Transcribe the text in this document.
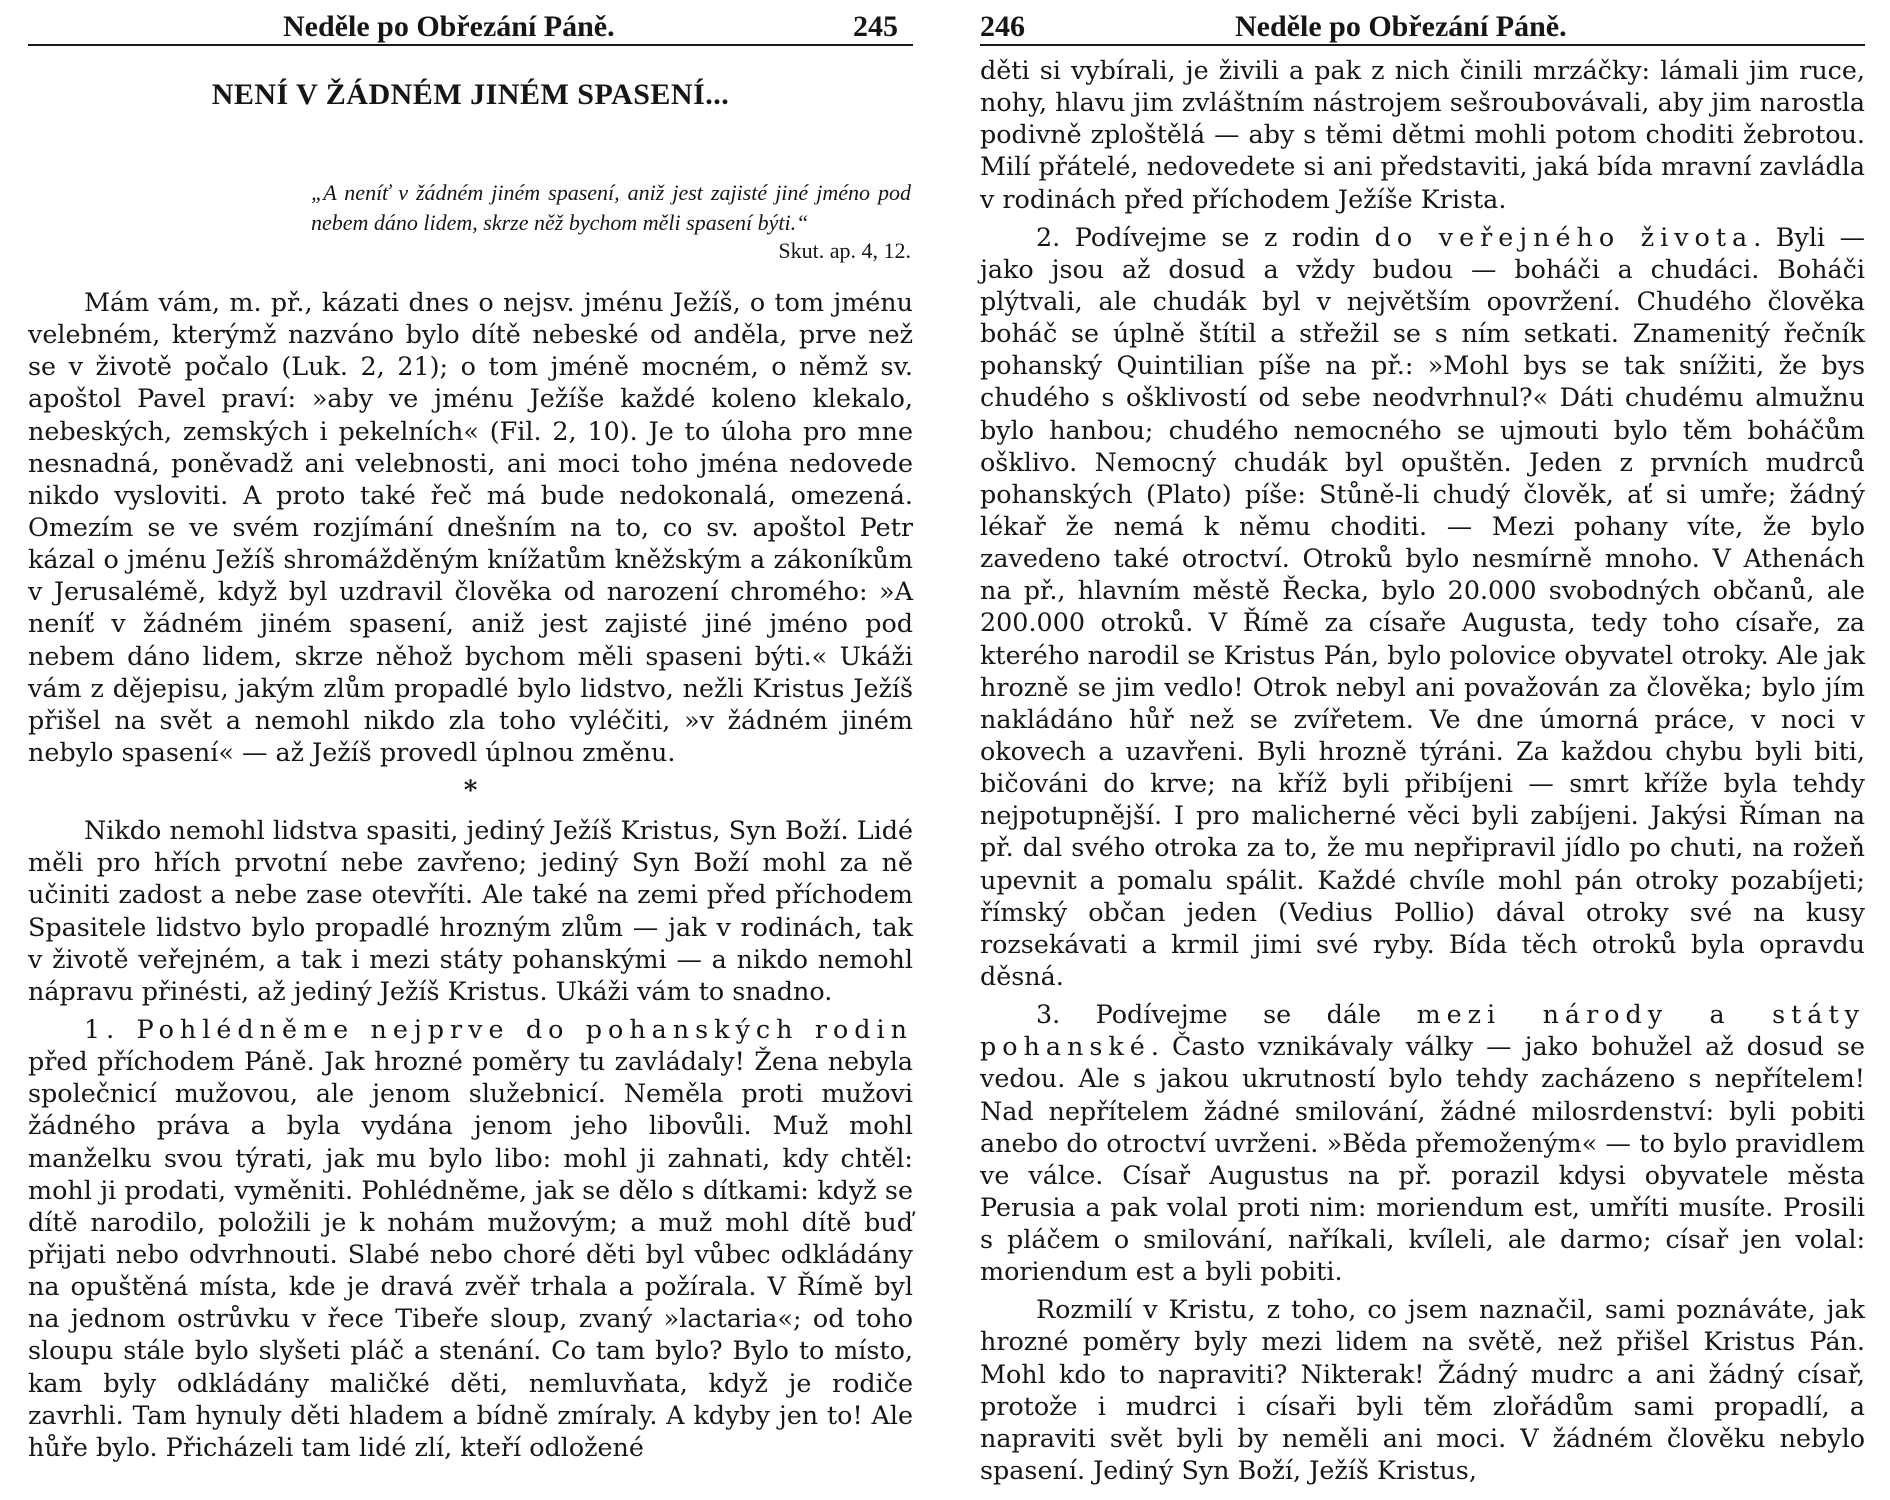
Neděle po Obřezání Páně.	245
NENÍ V ŽÁDNÉM JINÉM SPASENÍ...
„A neníť v žádném jiném spasení, aniž jest zajisté jiné jméno pod nebem dáno lidem, skrze něž bychom měli spasení býti.“
Skut. ap. 4, 12.

Mám vám, m. př., kázati dnes o nejsv. jménu Ježíš, o tom jménu velebném, kterýmž nazváno bylo dítě nebeské od anděla, prve než se v životě počalo (Luk. 2, 21); o tom jméně mocném, o němž sv. apoštol Pavel praví: »aby ve jménu Ježíše každé koleno klekalo, nebeských, zemských i pekelních« (Fil. 2, 10). Je to úloha pro mne nesnadná, poněvadž ani velebnosti, ani moci toho jména nedovede nikdo vysloviti. A proto také řeč má bude nedokonalá, omezená. Omezím se ve svém rozjímání dnešním na to, co sv. apoštol Petr kázal o jménu Ježíš shromážděným knížatům kněžským a zákoníkům v Jerusalémě, když byl uzdravil člověka od narození chromého: »A neníť v žádném jiném spasení, aniž jest zajisté jiné jméno pod nebem dáno lidem, skrze něhož bychom měli spaseni býti.« Ukáži vám z dějepisu, jakým zlům propadlé bylo lidstvo, nežli Kristus Ježíš přišel na svět a nemohl nikdo zla toho vyléčiti, »v žádném jiném nebylo spasení« — až Ježíš provedl úplnou změnu.

*

Nikdo nemohl lidstva spasiti, jediný Ježíš Kristus, Syn Boží. Lidé měli pro hřích prvotní nebe zavřeno; jediný Syn Boží mohl za ně učiniti zadost a nebe zase otevříti. Ale také na zemi před příchodem Spasitele lidstvo bylo propadlé hrozným zlům — jak v rodinách, tak v životě veřejném, a tak i mezi státy pohanskými — a nikdo nemohl nápravu přinésti, až jediný Ježíš Kristus. Ukáži vám to snadno.

1. Pohlédněme nejprve do pohanských rodin před příchodem Páně. Jak hrozné poměry tu zavládaly! Žena nebyla společnicí mužovou, ale jenom služebnicí. Neměla proti mužovi žádného práva a byla vydána jenom jeho libovůli. Muž mohl manželku svou týrati, jak mu bylo libo: mohl ji zahnati, kdy chtěl: mohl ji prodati, vyměniti. Pohlédněme, jak se dělo s dítkami: když se dítě narodilo, položili je k nohám mužovým; a muž mohl dítě buď přijati nebo odvrhnouti. Slabé nebo choré děti byl vůbec odkládány na opuštěná místa, kde je dravá zvěř trhala a požírala. V Římě byl na jednom ostrůvku v řece Tibeře sloup, zvaný »lactaria«; od toho sloupu stále bylo slyšeti pláč a stenání. Co tam bylo? Bylo to místo, kam byly odkládány maličké děti, nemluvňata, když je rodiče zavrhli. Tam hynuly děti hladem a bídně zmíraly. A kdyby jen to! Ale hůře bylo. Přicházeli tam lidé zlí, kteří odložené

246	Neděle po Obřezání Páně.

děti si vybírali, je živili a pak z nich činili mrzáčky: lámali jim ruce, nohy, hlavu jim zvláštním nástrojem sešroubovávali, aby jim narostla podivně zploštělá — aby s těmi dětmi mohli potom choditi žebrotou. Milí přátelé, nedovedete si ani představiti, jaká bída mravní zavládla v rodinách před příchodem Ježíše Krista.

2. Podívejme se z rodin do veřejného života. Byli — jako jsou až dosud a vždy budou — boháči a chudáci. Boháči plýtvali, ale chudák byl v největším opovržení. Chudého člověka boháč se úplně štítil a střežil se s ním setkati. Znamenitý řečník pohanský Quintilian píše na př.: »Mohl bys se tak snížiti, že bys chudého s ošklivostí od sebe neodvrhnul?« Dáti chudému almužnu bylo hanbou; chudého nemocného se ujmouti bylo těm boháčům ošklivo. Nemocný chudák byl opuštěn. Jeden z prvních mudrců pohanských (Plato) píše: Stůně-li chudý člověk, ať si umře; žádný lékař že nemá k němu choditi. — Mezi pohany víte, že bylo zavedeno také otroctví. Otroků bylo nesmírně mnoho. V Athenách na př., hlavním městě Řecka, bylo 20.000 svobodných občanů, ale 200.000 otroků. V Římě za císaře Augusta, tedy toho císaře, za kterého narodil se Kristus Pán, bylo polovice obyvatel otroky. Ale jak hrozně se jim vedlo! Otrok nebyl ani považován za člověka; bylo jím nakládáno hůř než se zvířetem. Ve dne úmorná práce, v noci v okovech a uzavřeni. Byli hrozně týráni. Za každou chybu byli biti, bičováni do krve; na kříž byli přibíjeni — smrt kříže byla tehdy nejpotupnější. I pro malicherné věci byli zabíjeni. Jakýsi Říman na př. dal svého otroka za to, že mu nepřipravil jídlo po chuti, na rožeň upevnit a pomalu spálit. Každé chvíle mohl pán otroky pozabíjeti; římský občan jeden (Vedius Pollio) dával otroky své na kusy rozsekávati a krmil jimi své ryby. Bída těch otroků byla opravdu děsná.

3. Podívejme se dále mezi národy a státy pohanské. Často vznikávaly války — jako bohužel až dosud se vedou. Ale s jakou ukrutností bylo tehdy zacházeno s nepřítelem! Nad nepřítelem žádné smilování, žádné milosrdenství: byli pobiti anebo do otroctví uvrženi. »Běda přemoženým« — to bylo pravidlem ve válce. Císař Augustus na př. porazil kdysi obyvatele města Perusia a pak volal proti nim: moriendum est, umříti musíte. Prosili s pláčem o smilování, naříkali, kvíleli, ale darmo; císař jen volal: moriendum est a byli pobiti.

Rozmilí v Kristu, z toho, co jsem naznačil, sami poznáváte, jak hrozné poměry byly mezi lidem na světě, než přišel Kristus Pán. Mohl kdo to napraviti? Nikterak! Žádný mudrc a ani žádný císař, protože i mudrci i císaři byli těm zlořádům sami propadlí, a napraviti svět byli by neměli ani moci. V žádném člověku nebylo spasení. Jediný Syn Boží, Ježíš Kristus,
